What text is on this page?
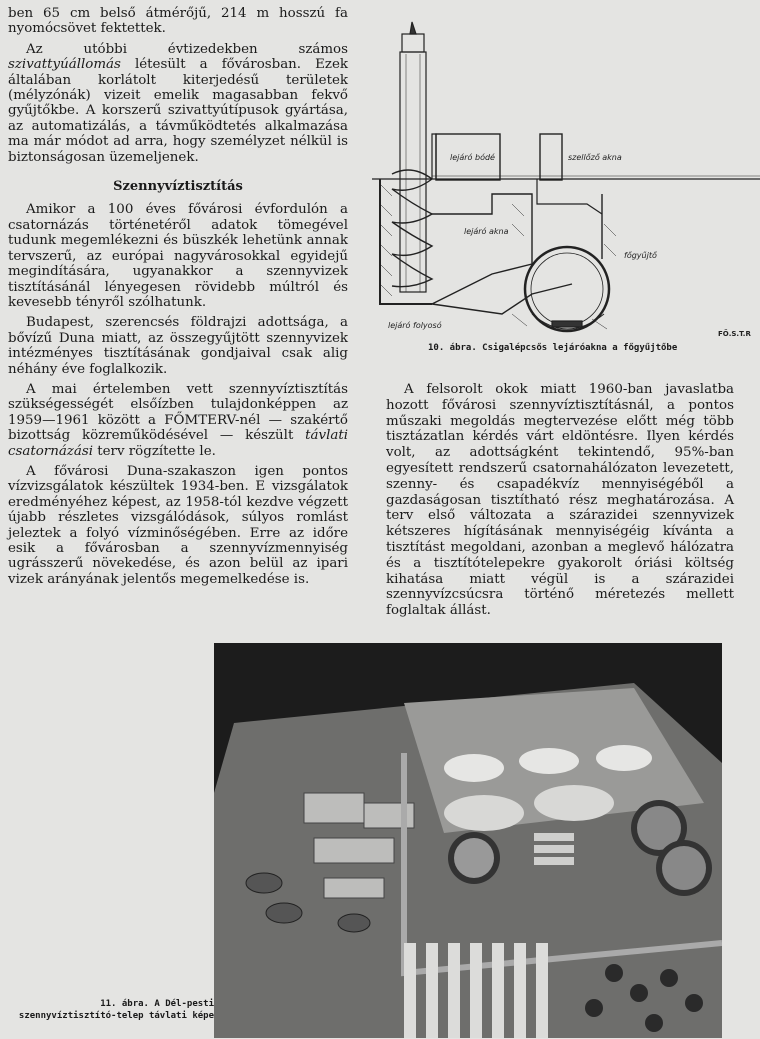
ben 65 cm belső átmérőjű, 214 m hosszú fa nyomócsövet fektettek.

Az utóbbi évtizedekben számos szivattyúállomás létesült a fővárosban. Ezek általában korlátolt kiterjedésű területek (mélyzónák) vizeit emelik magasabban fekvő gyűjtőkbe. A korszerű szivattyútípusok gyártása, az automatizálás, a távműködtetés alkalmazása ma már módot ad arra, hogy személyzet nélkül is biztonságosan üzemeljenek.

Szennyvíztisztítás

Amikor a 100 éves fővárosi évfordulón a csatornázás történetéről adatok tömegével tudunk megemlékezni és büszkék lehetünk annak tervszerű, az európai nagyvárosokkal egyidejű megindítására, ugyanakkor a szennyvizek tisztításánál lényegesen rövidebb múltról és kevesebb tényről szólhatunk.

Budapest, szerencsés földrajzi adottsága, a bővízű Duna miatt, az összegyűjtött szennyvizek intézményes tisztításának gondjaival csak alig néhány éve foglalkozik.

A mai értelemben vett szennyvíztisztítás szükségességét elsőízben tulajdonképpen az 1959—1961 között a FŐMTERV-nél — szakértő bizottság közreműködésével — készült távlati csatornázási terv rögzítette le.

A fővárosi Duna-szakaszon igen pontos vízvizsgálatok készültek 1934-ben. E vizsgálatok eredményéhez képest, az 1958-tól kezdve végzett újabb részletes vizsgálódások, súlyos romlást jeleztek a folyó vízminőségében. Erre az időre esik a fővárosban a szennyvízmennyiség ugrásszerű növekedése, és azon belül az ipari vizek arányának jelentős megemelkedése is.

lejáró bódé	szellőző akna
lejáró akna
főgyűjtő
lejáró folyosó
FŐ.S.T.R
10. ábra. Csigalépcsős lejáróakna a főgyűjtőbe

A felsorolt okok miatt 1960-ban javaslatba hozott fővárosi szennyvíztisztításnál, a pontos műszaki megoldás megtervezése előtt még több tisztázatlan kérdés várt eldöntésre. Ilyen kérdés volt, az adottságként tekintendő, 95%-ban egyesített rendszerű csatornahálózaton levezetett, szenny- és csapadékvíz mennyiségéből a gazdaságosan tisztítható rész meghatározása. A terv első változata a szárazidei szennyvizek kétszeres hígításának mennyiségéig kívánta a tisztítást megoldani, azonban a meglevő hálózatra és a tisztítótelepekre gyakorolt óriási költség kihatása miatt végül is a szárazidei szennyvízcsúcsra történő méretezés mellett foglaltak állást.

11. ábra. A Dél-pesti
szennyvíztisztító-telep távlati képe
